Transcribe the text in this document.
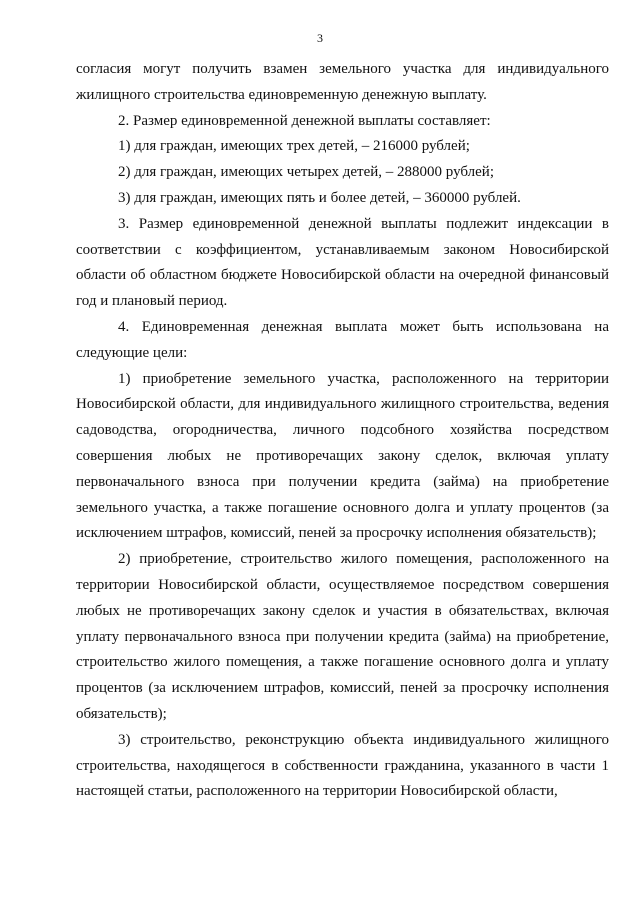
3

согласия могут получить взамен земельного участка для индивидуального жилищного строительства единовременную денежную выплату.

2. Размер единовременной денежной выплаты составляет:

1) для граждан, имеющих трех детей, – 216000 рублей;

2) для граждан, имеющих четырех детей, – 288000 рублей;

3) для граждан, имеющих пять и более детей, – 360000 рублей.

3. Размер единовременной денежной выплаты подлежит индексации в соответствии с коэффициентом, устанавливаемым законом Новосибирской области об областном бюджете Новосибирской области на очередной финансовый год и плановый период.

4. Единовременная денежная выплата может быть использована на следующие цели:

1) приобретение земельного участка, расположенного на территории Новосибирской области, для индивидуального жилищного строительства, ведения садоводства, огородничества, личного подсобного хозяйства посредством совершения любых не противоречащих закону сделок, включая уплату первоначального взноса при получении кредита (займа) на приобретение земельного участка, а также погашение основного долга и уплату процентов (за исключением штрафов, комиссий, пеней за просрочку исполнения обязательств);

2) приобретение, строительство жилого помещения, расположенного на территории Новосибирской области, осуществляемое посредством совершения любых не противоречащих закону сделок и участия в обязательствах, включая уплату первоначального взноса при получении кредита (займа) на приобретение, строительство жилого помещения, а также погашение основного долга и уплату процентов (за исключением штрафов, комиссий, пеней за просрочку исполнения обязательств);

3) строительство, реконструкцию объекта индивидуального жилищного строительства, находящегося в собственности гражданина, указанного в части 1 настоящей статьи, расположенного на территории Новосибирской области,
